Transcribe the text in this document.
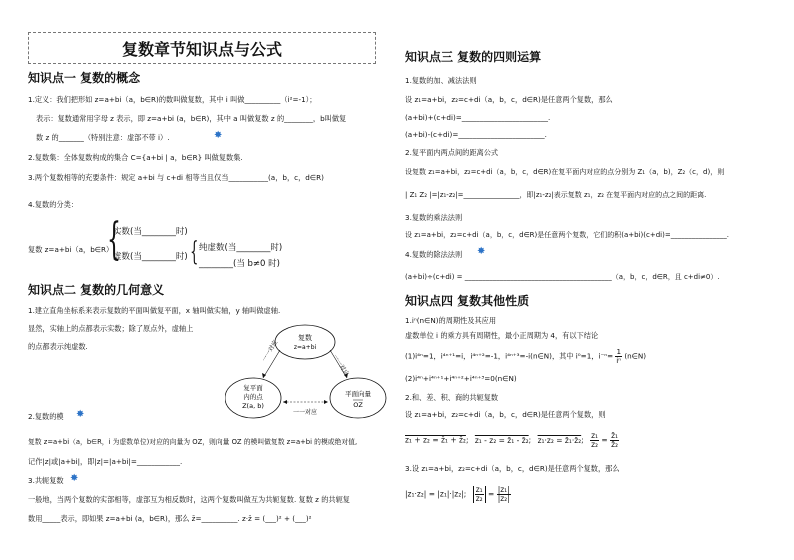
复数章节知识点与公式
知识点一 复数的概念
1.定义：我们把形如 z=a+bi（a，b∈R)的数叫做复数，其中 i 叫做__________（i²=-1）；
表示：复数通常用字母 z 表示，即 z=a+bi (a，b∈R)，其中 a 叫做复数 z 的________，b叫做复
数 z 的_______（特别注意：虚部不带 i）.	✸
2.复数集：全体复数构成的集合 C={a+bi | a，b∈R} 叫做复数集.
3.两个复数相等的充要条件：规定 a+bi 与 c+di 相等当且仅当___________(a，b，c，d∈R)
4.复数的分类：
复数 z=a+bi（a，b∈R）
{
实数(当________时)
虚数(当________时) { 纯虚数(当________时)
________(当 b≠0 时)
知识点二 复数的几何意义
1.建立直角坐标系来表示复数的平面叫做复平面，x 轴叫做实轴，y 轴叫做虚轴.
显然，实轴上的点都表示实数；除了原点外，虚轴上
的点都表示纯虚数.
复数
z=a+bi
复平面
内的点
Z(a, b)
平面向量
OZ
一一对应
一一对应
一一对应
2.复数的模 ✸
复数 z=a+bi（a，b∈R，i 为虚数单位)对应的向量为 OZ，则向量 OZ 的模叫做复数 z=a+bi 的模或绝对值,
记作|z|或|a+bi|，即|z|=|a+bi|=____________.
3.共轭复数 ✸
一般地，当两个复数的实部相等，虚部互为相反数时，这两个复数叫做互为共轭复数. 复数 z 的共轭复
数用_____表示，即如果 z=a+bi (a，b∈R)，那么 z̄=__________. z·z̄ = (___)² + (___)²
知识点三 复数的四则运算
1.复数的加、减法法则
设 z₁=a+bi，z₂=c+di（a，b，c，d∈R)是任意两个复数，那么
(a+bi)+(c+di)=________________________.
(a+bi)-(c+di)=________________________.
2.复平面内两点间的距离公式
设复数 z₁=a+bi，z₂=c+di（a，b，c，d∈R)在复平面内对应的点分别为 Z₁（a，b)，Z₂（c，d)，则
| Z₁ Z₂ |=|z₁-z₂|=________________，即|z₁-z₂|表示复数 z₁，z₂ 在复平面内对应的点之间的距离.
3.复数的乘法法则
设 z₁=a+bi，z₂=c+di（a，b，c，d∈R)是任意两个复数，它们的积(a+bi)(c+di)=________________.
4.复数的除法法则 ✸
(a+bi)÷(c+di) = __________________________________________（a，b，c，d∈R，且 c+di≠0）.
知识点四 复数其他性质
1.iⁿ(n∈N)的周期性及其应用
虚数单位 i 的乘方具有周期性，最小正周期为 4，有以下结论
(1)i⁴ⁿ=1，i⁴ⁿ⁺¹=i，i⁴ⁿ⁺²=-1，i⁴ⁿ⁺³=-i(n∈N)，其中 i⁰=1，$i^{-n}= \frac{1}{\text{iⁿ}}$ (n∈N)
(2)i⁴ⁿ+i⁴ⁿ⁺¹+i⁴ⁿ⁺²+i⁴ⁿ⁺³=0(n∈N)
2.和、差、积、商的共轭复数
设 z₁=a+bi，z₂=c+di（a，b，c，d∈R)是任意两个复数，则
z₁ + z₂ = z̄₁ + z̄₂; z₁ - z₂ = z̄₁ - z̄₂; z₁·z₂ = z̄₁·z̄₂; $\frac{\text{z₁}}{\text{z₂}} = \frac{\text{z̄₁}}{\text{z̄₂}}$
3.设 z₁=a+bi，z₂=c+di（a，b，c，d∈R)是任意两个复数，那么
|z₁·z₂| = |z₁|·|z₂|; $\frac{\text{z₁}}{\text{z₂}} = \frac{\text{|z₁|}}{\text{|z₂|}}$
